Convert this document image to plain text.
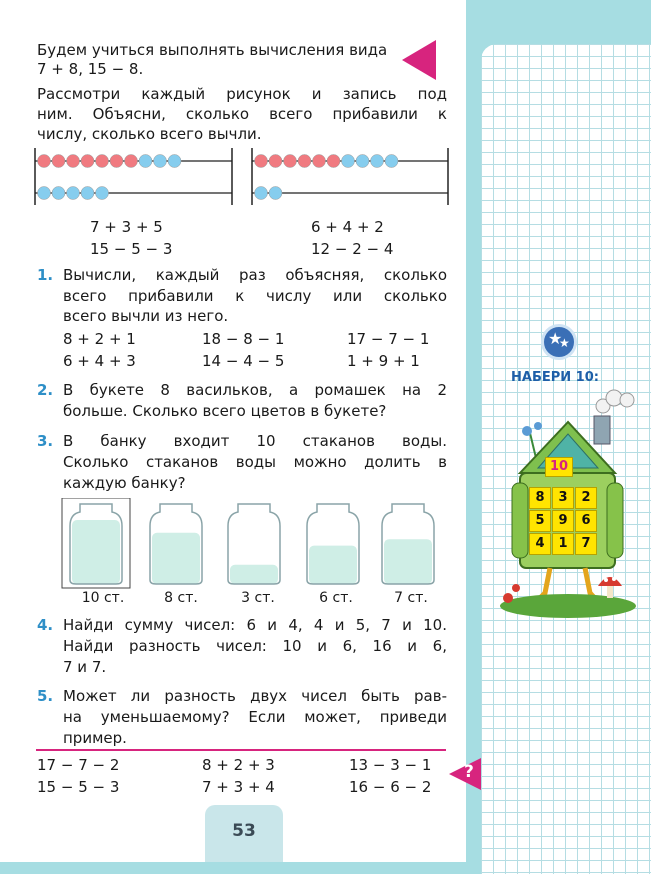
Будем учиться выполнять вычисления вида
7 + 8, 15 − 8.
Рассмотри каждый рисунок и запись под
ним. Объясни, сколько всего прибавили к
числу, сколько всего вычли.
7 + 3 + 5
15 − 5 − 3
6 + 4 + 2
12 − 2 − 4
1. Вычисли, каждый раз объясняя, сколько
всего прибавили к числу или сколько
всего вычли из него.
8 + 2 + 1	18 − 8 − 1	17 − 7 − 1
6 + 4 + 3	14 − 4 − 5	1 + 9 + 1
2. В букете 8 васильков, а ромашек на 2
больше. Сколько всего цветов в букете?
3. В банку входит 10 стаканов воды.
Сколько стаканов воды можно долить в
каждую банку?
10 ст.	8 ст.	3 ст.	6 ст.	7 ст.
4. Найди сумму чисел: 6 и 4, 4 и 5, 7 и 10.
Найди разность чисел: 10 и 6, 16 и 6,
7 и 7.
5. Может ли разность двух чисел быть рав-
на уменьшаемому? Если может, приведи
пример.
17 − 7 − 2	8 + 2 + 3	13 − 3 − 1
15 − 5 − 3	7 + 3 + 4	16 − 6 − 2
53
?
★
★
НАБЕРИ 10:
10
8	3	2
5	9	6
4	1	7
